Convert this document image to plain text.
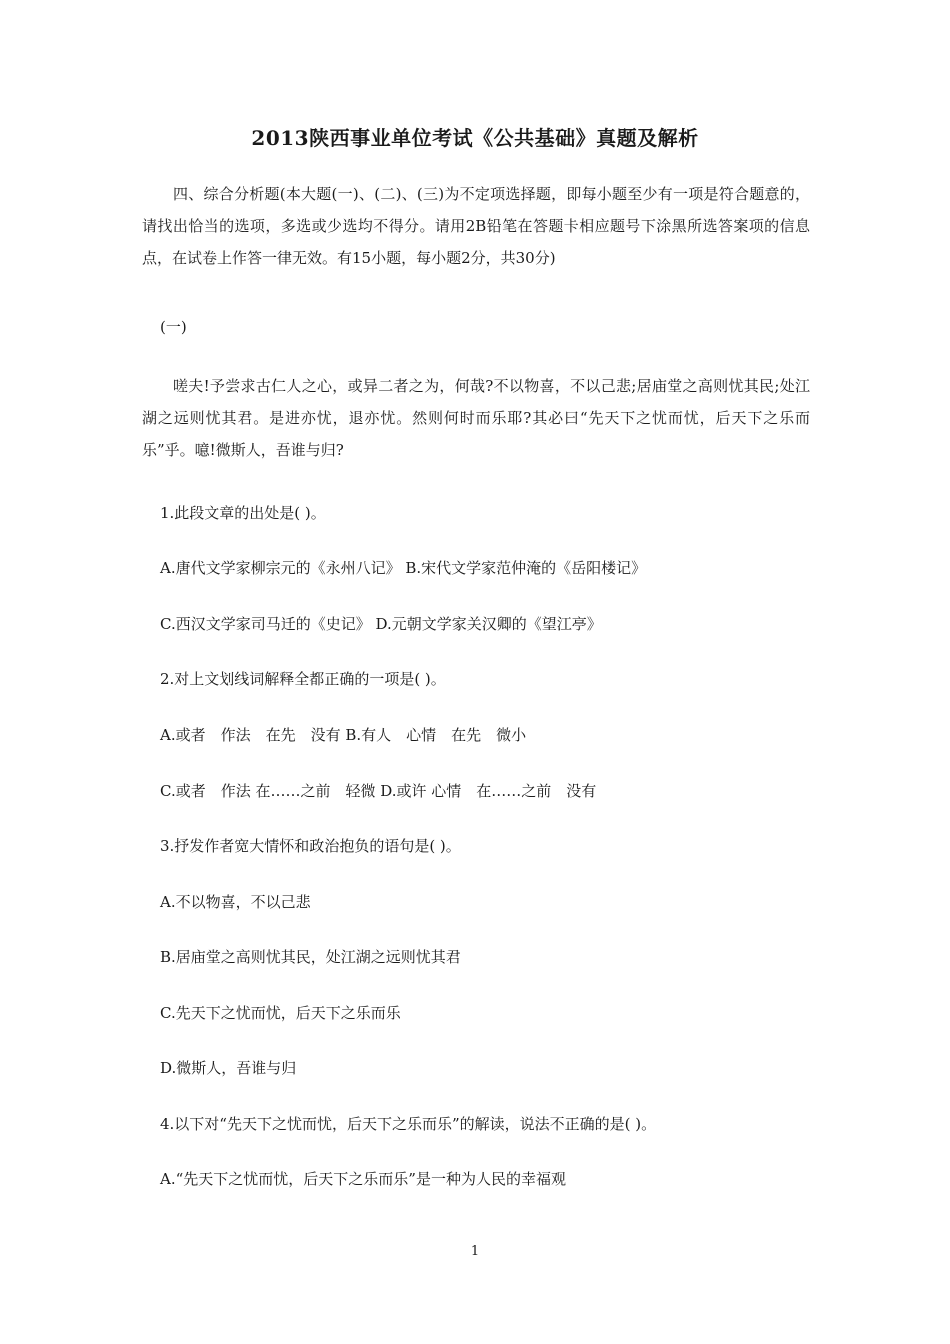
2013陕西事业单位考试《公共基础》真题及解析
四、综合分析题(本大题(一)、(二)、(三)为不定项选择题，即每小题至少有一项是符合题意的，请找出恰当的选项，多选或少选均不得分。请用2B铅笔在答题卡相应题号下涂黑所选答案项的信息点，在试卷上作答一律无效。有15小题，每小题2分，共30分)
(一)
嗟夫!予尝求古仁人之心，或异二者之为，何哉?不以物喜，不以己悲;居庙堂之高则忧其民;处江湖之远则忧其君。是进亦忧，退亦忧。然则何时而乐耶?其必曰“先天下之忧而忧，后天下之乐而乐”乎。噫!微斯人，吾谁与归?
1.此段文章的出处是( )。
A.唐代文学家柳宗元的《永州八记》 B.宋代文学家范仲淹的《岳阳楼记》
C.西汉文学家司马迁的《史记》 D.元朝文学家关汉卿的《望江亭》
2.对上文划线词解释全都正确的一项是( )。
A.或者　作法　在先　没有 B.有人　心情　在先　微小
C.或者　作法 在……之前　轻微 D.或许 心情　在……之前　没有
3.抒发作者宽大情怀和政治抱负的语句是( )。
A.不以物喜，不以己悲
B.居庙堂之高则忧其民，处江湖之远则忧其君
C.先天下之忧而忧，后天下之乐而乐
D.微斯人，吾谁与归
4.以下对“先天下之忧而忧，后天下之乐而乐”的解读，说法不正确的是( )。
A.“先天下之忧而忧，后天下之乐而乐”是一种为人民的幸福观
1
